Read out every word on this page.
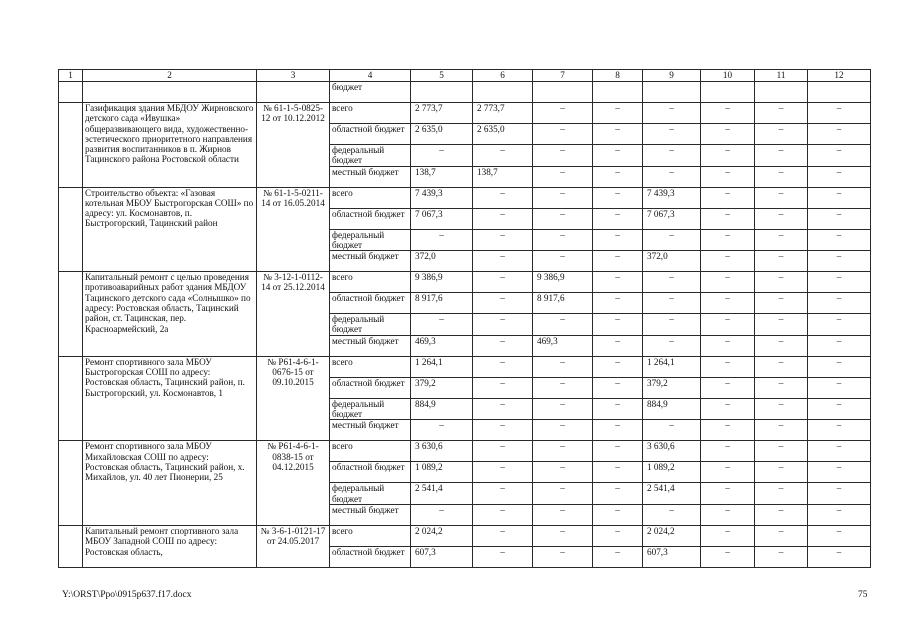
1	2	3	4	5	6	7	8	9	10	11	12
			бюджет								
	Газификация здания МБДОУ Жирновского детского сада «Ивушка» общеразвивающего вида, художественно-эстетического приоритетного направления развития воспитанников в п. Жирнов Тацинского района Ростовской области	№ 61-1-5-0825-12 от 10.12.2012	всего	2 773,7	2 773,7	–	–	–	–	–	–
			областной бюджет	2 635,0	2 635,0	–	–	–	–	–	–
			федеральный бюджет	–	–	–	–	–	–	–	–
			местный бюджет	138,7	138,7	–	–	–	–	–	–
	Строительство объекта: «Газовая котельная МБОУ Быстрогорская СОШ» по адресу: ул. Космонавтов, п. Быстрогорский, Тацинский район	№ 61-1-5-0211-14 от 16.05.2014	всего	7 439,3	–	–	–	7 439,3	–	–	–
			областной бюджет	7 067,3	–	–	–	7 067,3	–	–	–
			федеральный бюджет	–	–	–	–	–	–	–	–
			местный бюджет	372,0	–	–	–	372,0	–	–	–
	Капитальный ремонт с целью проведения противоаварийных работ здания МБДОУ Тацинского детского сада «Солнышко» по адресу: Ростовская область, Тацинский район, ст. Тацинская, пер. Красноармейский, 2а	№ 3-12-1-0112-14 от 25.12.2014	всего	9 386,9	–	9 386,9	–	–	–	–	–
			областной бюджет	8 917,6	–	8 917,6	–	–	–	–	–
			федеральный бюджет	–	–	–	–	–	–	–	–
			местный бюджет	469,3	–	469,3	–	–	–	–	–
	Ремонт спортивного зала МБОУ Быстрогорская СОШ по адресу: Ростовская область, Тацинский район, п. Быстрогорский, ул. Космонавтов, 1	№ Р61-4-6-1-0676-15 от 09.10.2015	всего	1 264,1	–	–	–	1 264,1	–	–	–
			областной бюджет	379,2	–	–	–	379,2	–	–	–
			федеральный бюджет	884,9	–	–	–	884,9	–	–	–
			местный бюджет	–	–	–	–	–	–	–	–
	Ремонт спортивного зала МБОУ Михайловская СОШ по адресу: Ростовская область, Тацинский район, х. Михайлов, ул. 40 лет Пионерии, 25	№ Р61-4-6-1-0838-15 от 04.12.2015	всего	3 630,6	–	–	–	3 630,6	–	–	–
			областной бюджет	1 089,2	–	–	–	1 089,2	–	–	–
			федеральный бюджет	2 541,4	–	–	–	2 541,4	–	–	–
			местный бюджет	–	–	–	–	–	–	–	–
	Капитальный ремонт спортивного зала МБОУ Западной СОШ по адресу: Ростовская область,	№ 3-6-1-0121-17 от 24.05.2017	всего	2 024,2	–	–	–	2 024,2	–	–	–
			областной бюджет	607,3	–	–	–	607,3	–	–	–
Y:\ORST\Ppo\0915p637.f17.docx	75
